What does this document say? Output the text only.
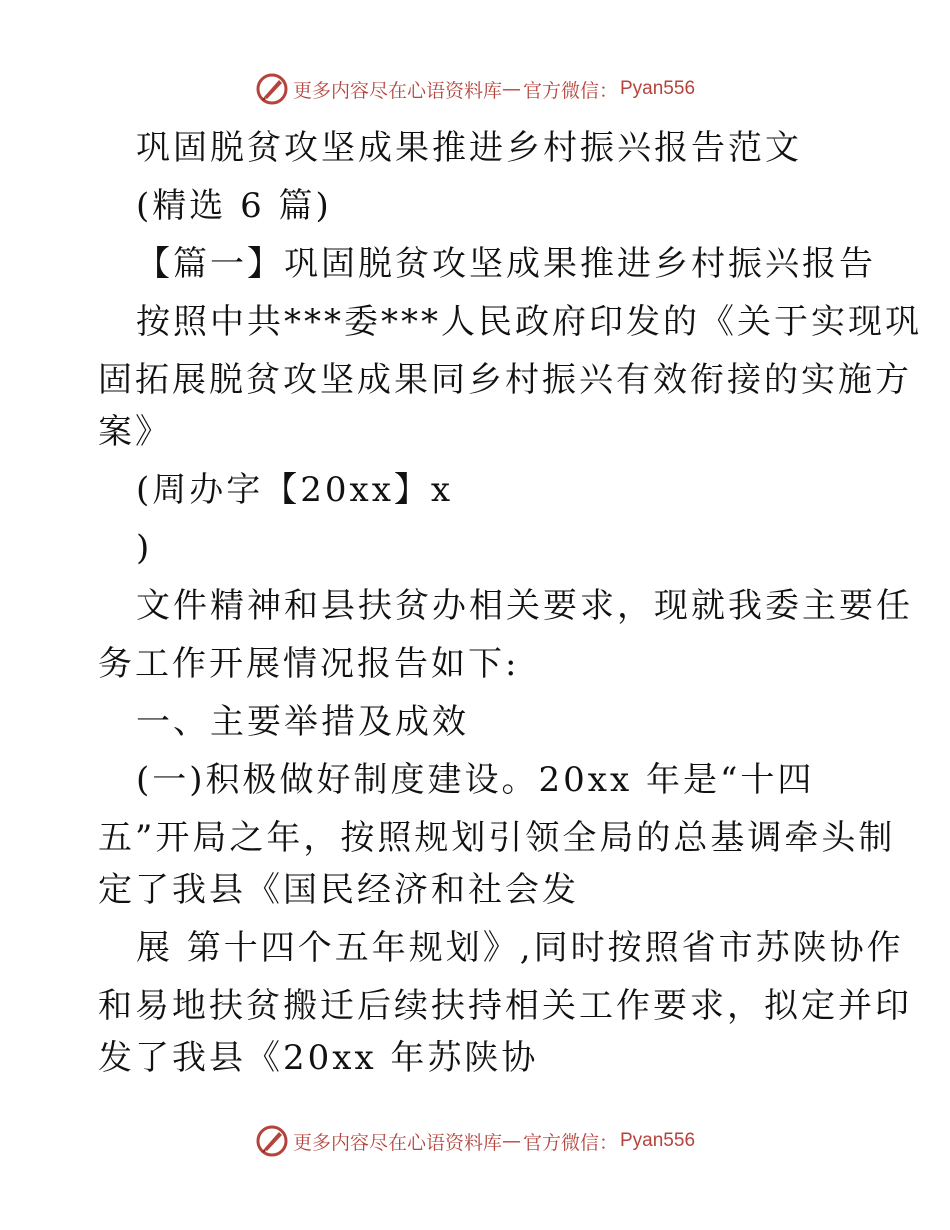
更多内容尽在心语资料库 — 官方微信： Pyan556
巩固脱贫攻坚成果推进乡村振兴报告范文
(精选 6 篇)
【篇一】巩固脱贫攻坚成果推进乡村振兴报告
按照中共***委***人民政府印发的《关于实现巩
固拓展脱贫攻坚成果同乡村振兴有效衔接的实施方
案》
(周办字【20xx】x
)
文件精神和县扶贫办相关要求，现就我委主要任
务工作开展情况报告如下:
一、主要举措及成效
(一)积极做好制度建设。20xx 年是“十四
五”开局之年，按照规划引领全局的总基调牵头制
定了我县《国民经济和社会发
展 第十四个五年规划》,同时按照省市苏陕协作
和易地扶贫搬迁后续扶持相关工作要求，拟定并印
发了我县《20xx 年苏陕协
更多内容尽在心语资料库 — 官方微信： Pyan556
